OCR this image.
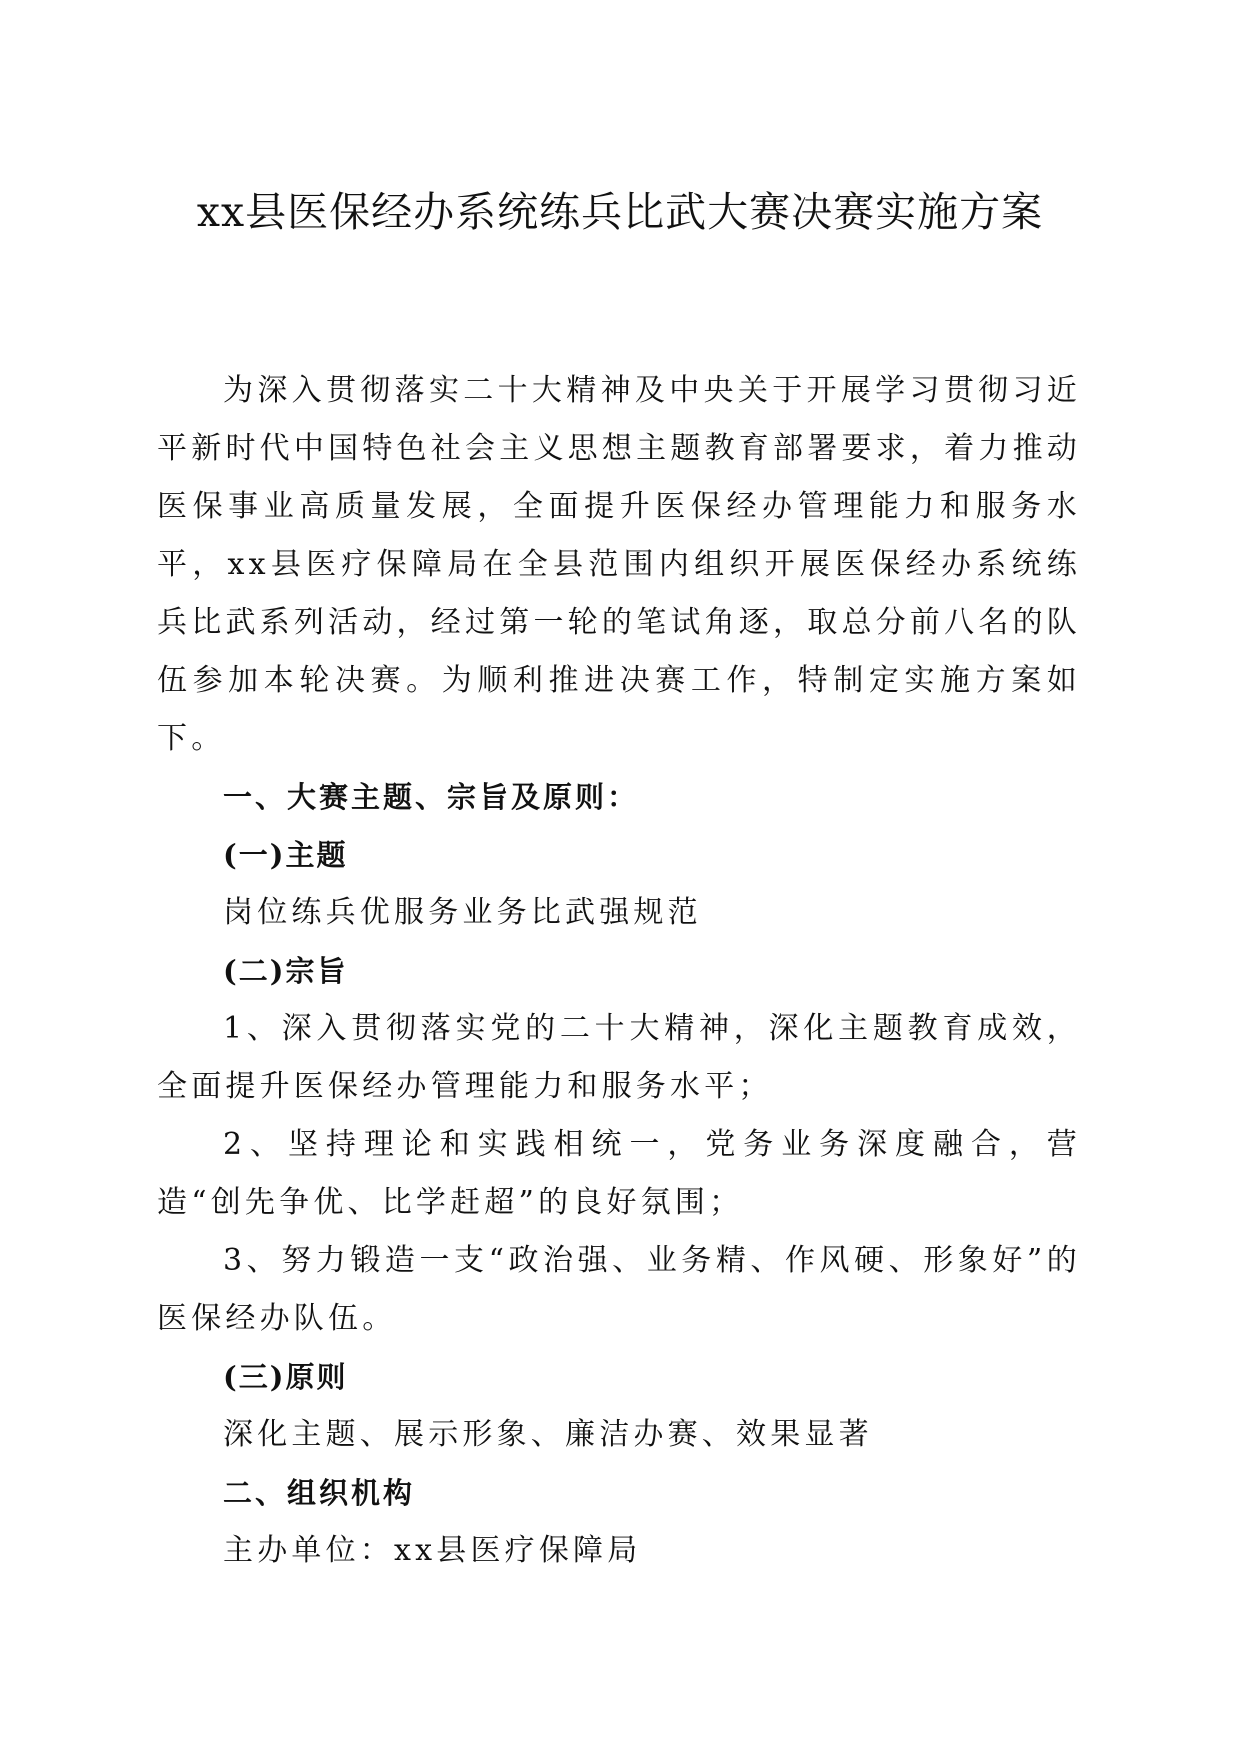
xx县医保经办系统练兵比武大赛决赛实施方案

为深入贯彻落实二十大精神及中央关于开展学习贯彻习近平新时代中国特色社会主义思想主题教育部署要求，着力推动医保事业高质量发展，全面提升医保经办管理能力和服务水平，xx县医疗保障局在全县范围内组织开展医保经办系统练兵比武系列活动，经过第一轮的笔试角逐，取总分前八名的队伍参加本轮决赛。为顺利推进决赛工作，特制定实施方案如下。

一、大赛主题、宗旨及原则：

(一)主题

岗位练兵优服务业务比武强规范

(二)宗旨

1、深入贯彻落实党的二十大精神，深化主题教育成效，全面提升医保经办管理能力和服务水平；

2、坚持理论和实践相统一，党务业务深度融合，营造“创先争优、比学赶超”的良好氛围；

3、努力锻造一支“政治强、业务精、作风硬、形象好”的医保经办队伍。

(三)原则

深化主题、展示形象、廉洁办赛、效果显著

二、组织机构

主办单位：xx县医疗保障局
